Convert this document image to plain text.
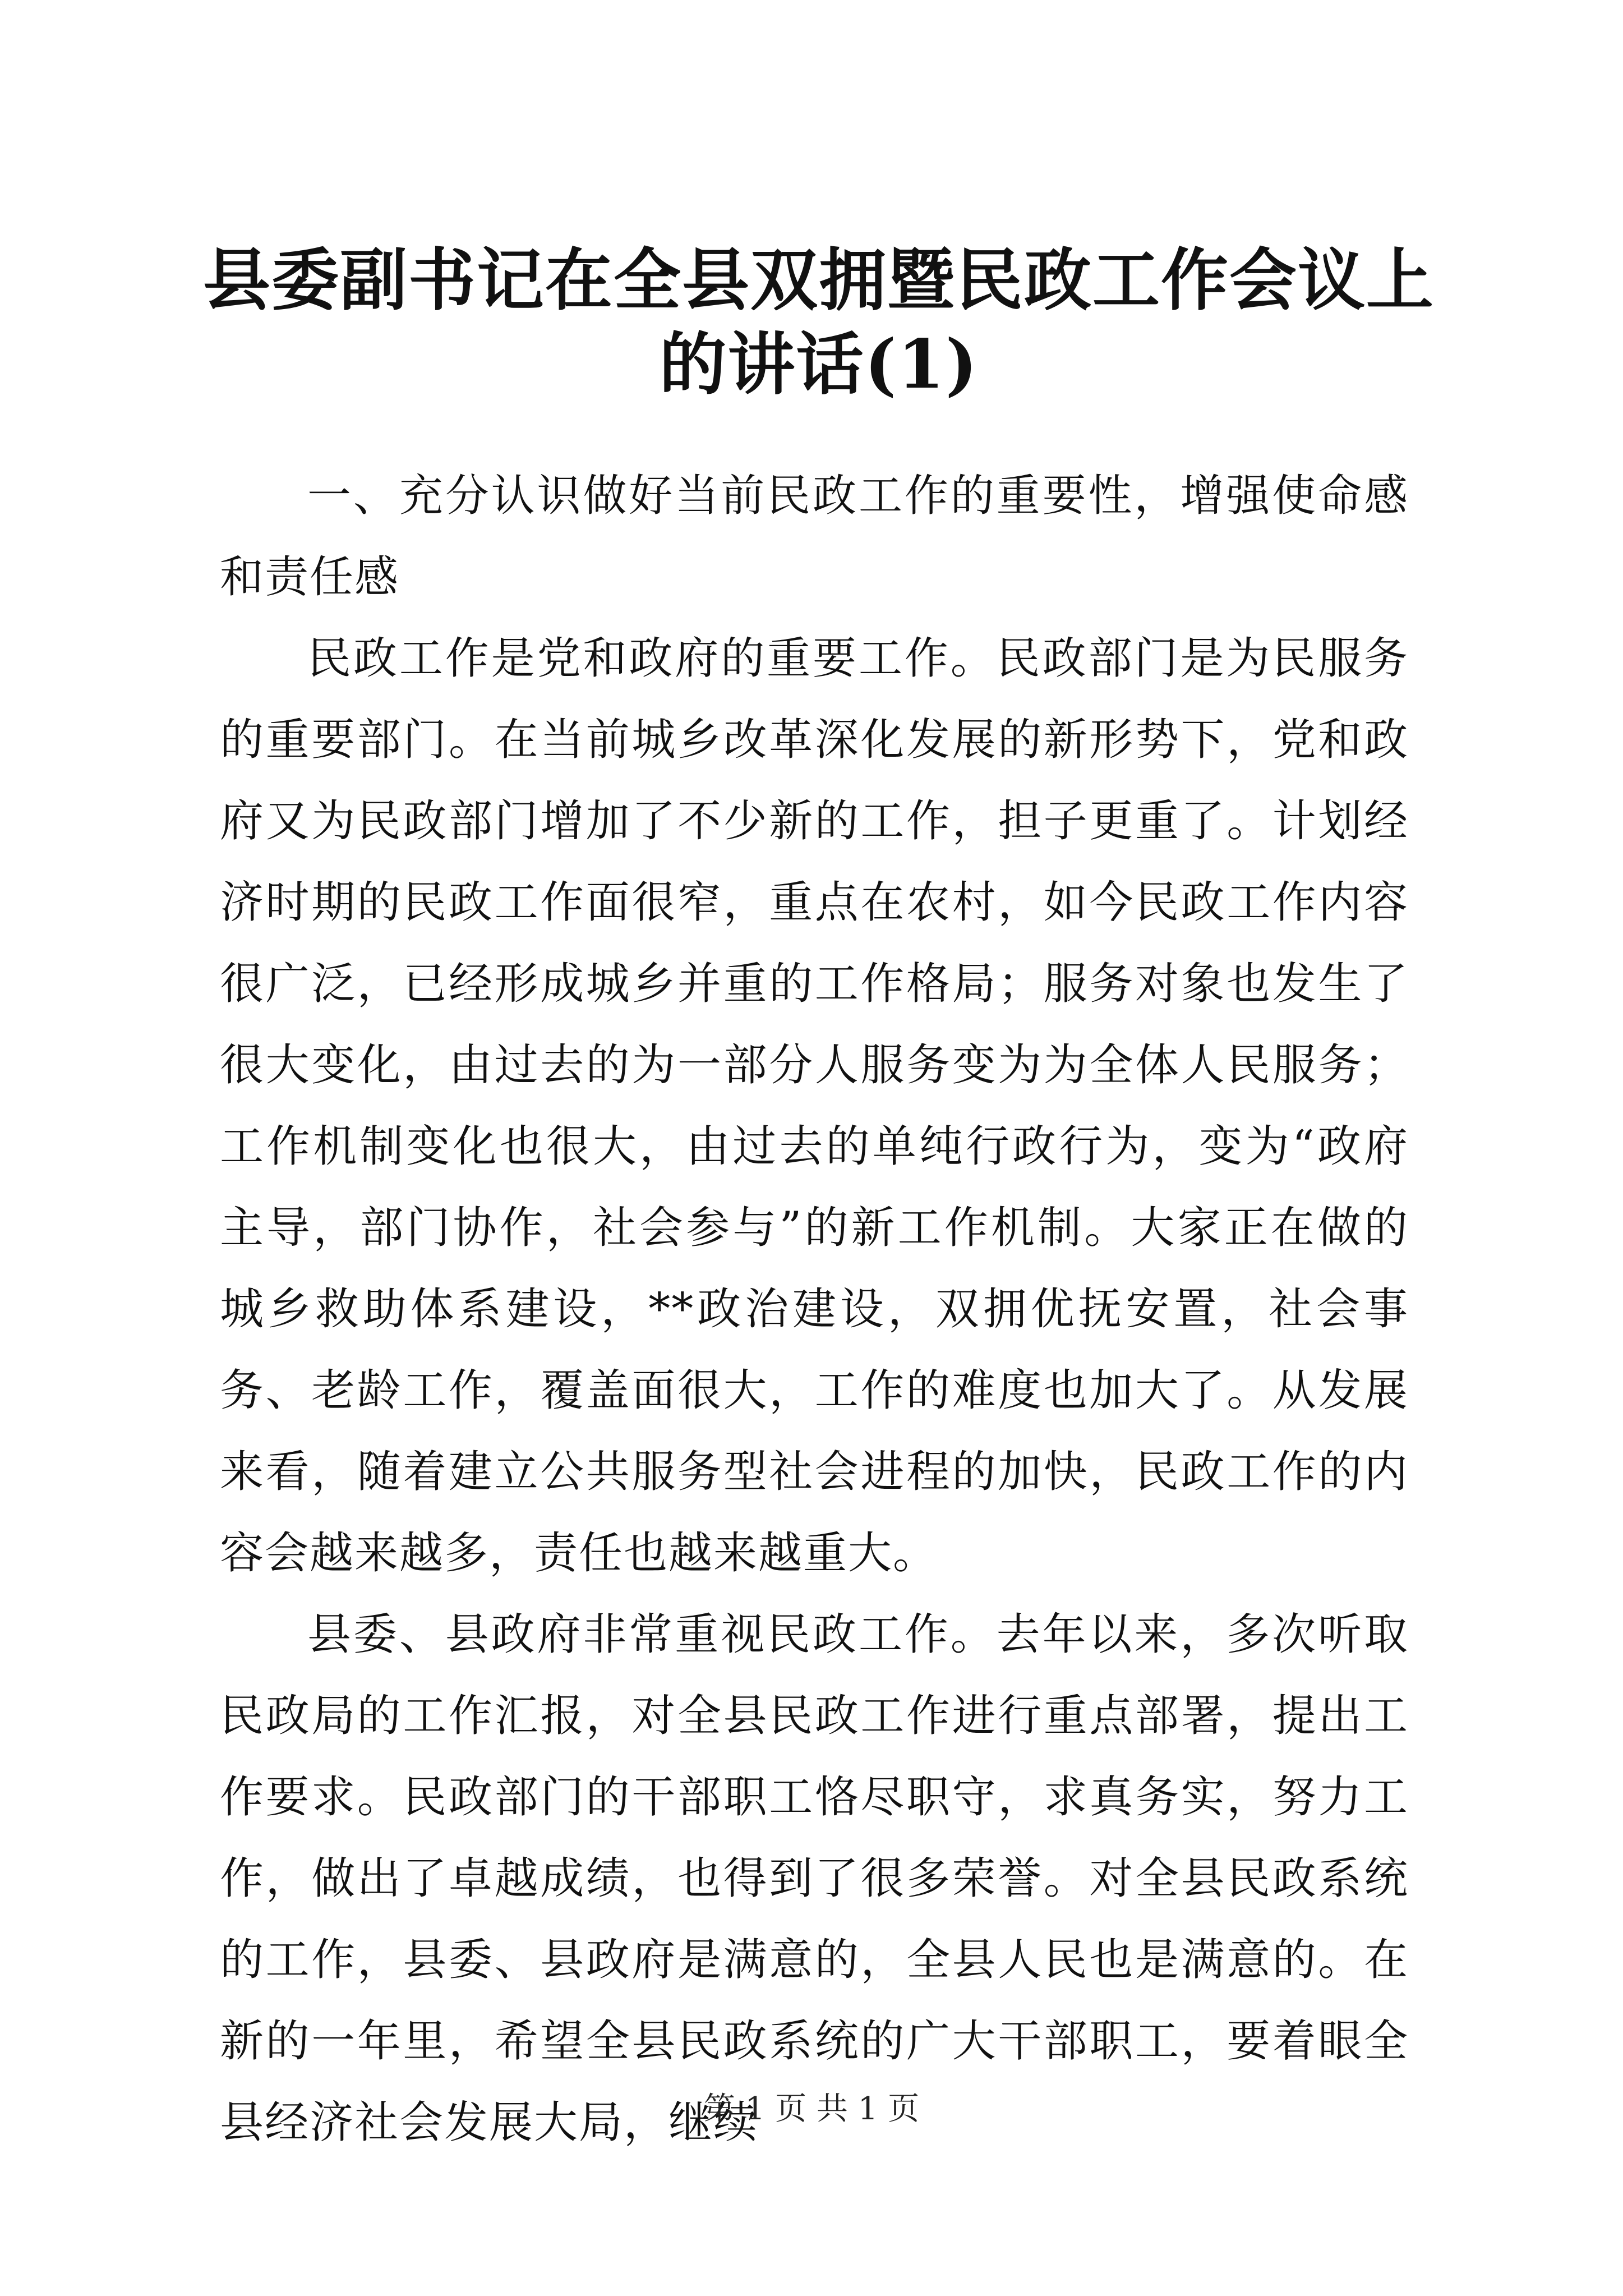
县委副书记在全县双拥暨民政工作会议上的讲话(1)

一、充分认识做好当前民政工作的重要性，增强使命感和责任感

民政工作是党和政府的重要工作。民政部门是为民服务的重要部门。在当前城乡改革深化发展的新形势下，党和政府又为民政部门增加了不少新的工作，担子更重了。计划经济时期的民政工作面很窄，重点在农村，如今民政工作内容很广泛，已经形成城乡并重的工作格局；服务对象也发生了很大变化，由过去的为一部分人服务变为为全体人民服务；工作机制变化也很大，由过去的单纯行政行为，变为“政府主导，部门协作，社会参与”的新工作机制。大家正在做的城乡救助体系建设，**政治建设，双拥优抚安置，社会事务、老龄工作，覆盖面很大，工作的难度也加大了。从发展来看，随着建立公共服务型社会进程的加快，民政工作的内容会越来越多，责任也越来越重大。

县委、县政府非常重视民政工作。去年以来，多次听取民政局的工作汇报，对全县民政工作进行重点部署，提出工作要求。民政部门的干部职工恪尽职守，求真务实，努力工作，做出了卓越成绩，也得到了很多荣誉。对全县民政系统的工作，县委、县政府是满意的，全县人民也是满意的。在新的一年里，希望全县民政系统的广大干部职工，要着眼全县经济社会发展大局，继续

第 1 页 共 1 页
